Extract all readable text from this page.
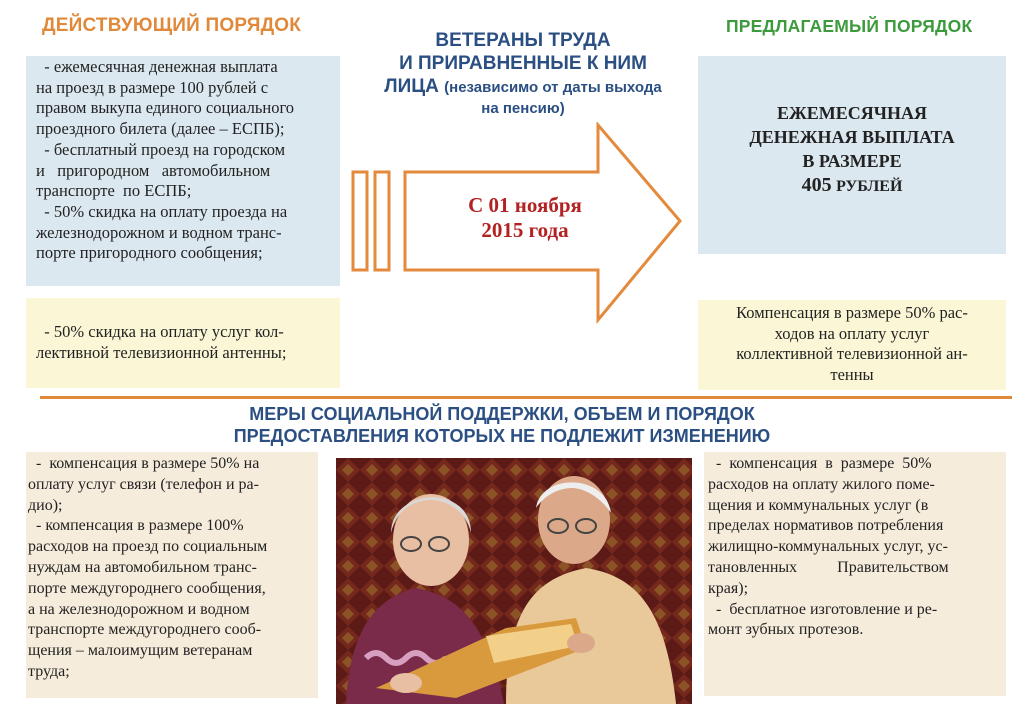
ДЕЙСТВУЮЩИЙ ПОРЯДОК	ПРЕДЛАГАЕМЫЙ ПОРЯДОК
ВЕТЕРАНЫ ТРУДА
И ПРИРАВНЕННЫЕ К НИМ
ЛИЦА (независимо от даты выхода
на пенсию)
- ежемесячная денежная выплата
на проезд в размере 100 рублей с
правом выкупа единого социального
проездного билета (далее – ЕСПБ);
- бесплатный проезд на городском
и   пригородном   автомобильном
транспорте  по ЕСПБ;
- 50% скидка на оплату проезда на
железнодорожном и водном транс-
порте пригородного сообщения;
- 50% скидка на оплату услуг кол-
лективной телевизионной антенны;
С 01 ноября
2015 года
ЕЖЕМЕСЯЧНАЯ
ДЕНЕЖНАЯ ВЫПЛАТА
В РАЗМЕРЕ
405 РУБЛЕЙ
Компенсация в размере 50% рас-
ходов на оплату услуг
коллективной телевизионной ан-
тенны
МЕРЫ СОЦИАЛЬНОЙ ПОДДЕРЖКИ, ОБЪЕМ И ПОРЯДОК
ПРЕДОСТАВЛЕНИЯ КОТОРЫХ НЕ ПОДЛЕЖИТ ИЗМЕНЕНИЮ
-  компенсация в размере 50% на
оплату услуг связи (телефон и ра-
дио);
- компенсация в размере 100%
расходов на проезд по социальным
нуждам на автомобильном транс-
порте междугороднего сообщения,
а на железнодорожном и водном
транспорте междугороднего сооб-
щения – малоимущим ветеранам
труда;
-  компенсация  в  размере  50%
расходов на оплату жилого поме-
щения и коммунальных услуг (в
пределах нормативов потребления
жилищно-коммунальных услуг, ус-
тановленных          Правительством
края);
-  бесплатное изготовление и ре-
монт зубных протезов.
